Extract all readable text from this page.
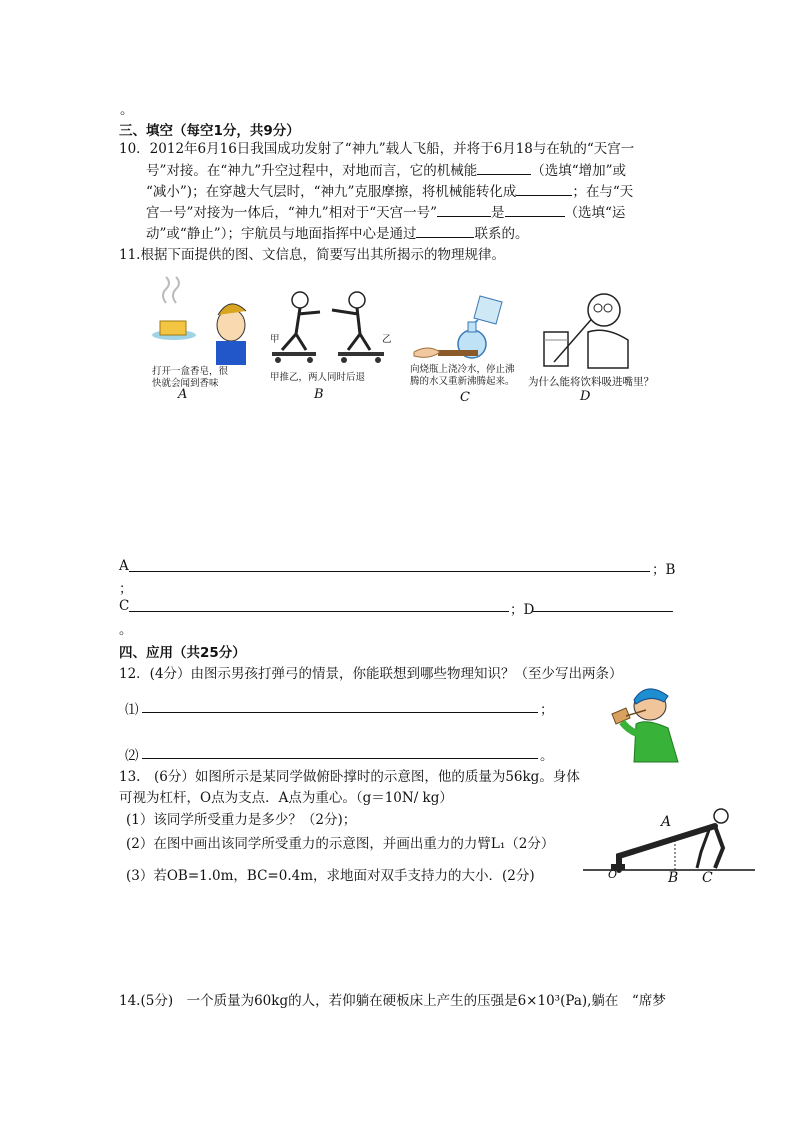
。
三、填空（每空1分，共9分）
10．2012年6月16日我国成功发射了“神九”载人飞船，并将于6月18与在轨的“天宫一
号”对接。在“神九”升空过程中，对地而言，它的机械能	（选填“增加”或
“减小”)；在穿越大气层时，“神九”克服摩擦，将机械能转化成	；在与“天
宫一号”对接为一体后，“神九”相对于“天宫一号”	是	（选填“运
动”或“静止”）；宇航员与地面指挥中心是通过	联系的。
11.根据下面提供的图、文信息，简要写出其所揭示的物理规律。
打开一盒香皂，很快就会闻到香味
A
甲	乙
甲推乙，两人同时后退
B
向烧瓶上浇冷水，停止沸腾的水又重新沸腾起来。
C
为什么能将饮料吸进嘴里？
D
A	；B
；
C	；D
。
四、应用（共25分）
12．(4分）由图示男孩打弹弓的情景，你能联想到哪些物理知识？（至少写出两条）
⑴	；
⑵	。
13.　(6分）如图所示是某同学做俯卧撑时的示意图，他的质量为56kg。身体
可视为杠杆，O点为支点．A点为重心。（g＝10N/ kg）
(1）该同学所受重力是多少？（2分)；
(2）在图中画出该同学所受重力的示意图，并画出重力的力臂L₁（2分）
(3）若OB=1.0m，BC=0.4m，求地面对双手支持力的大小．(2分)
A
O	B C
14.(5分)　一个质量为60kg的人，若仰躺在硬板床上产生的压强是6×10³(Pa),躺在　“席梦
